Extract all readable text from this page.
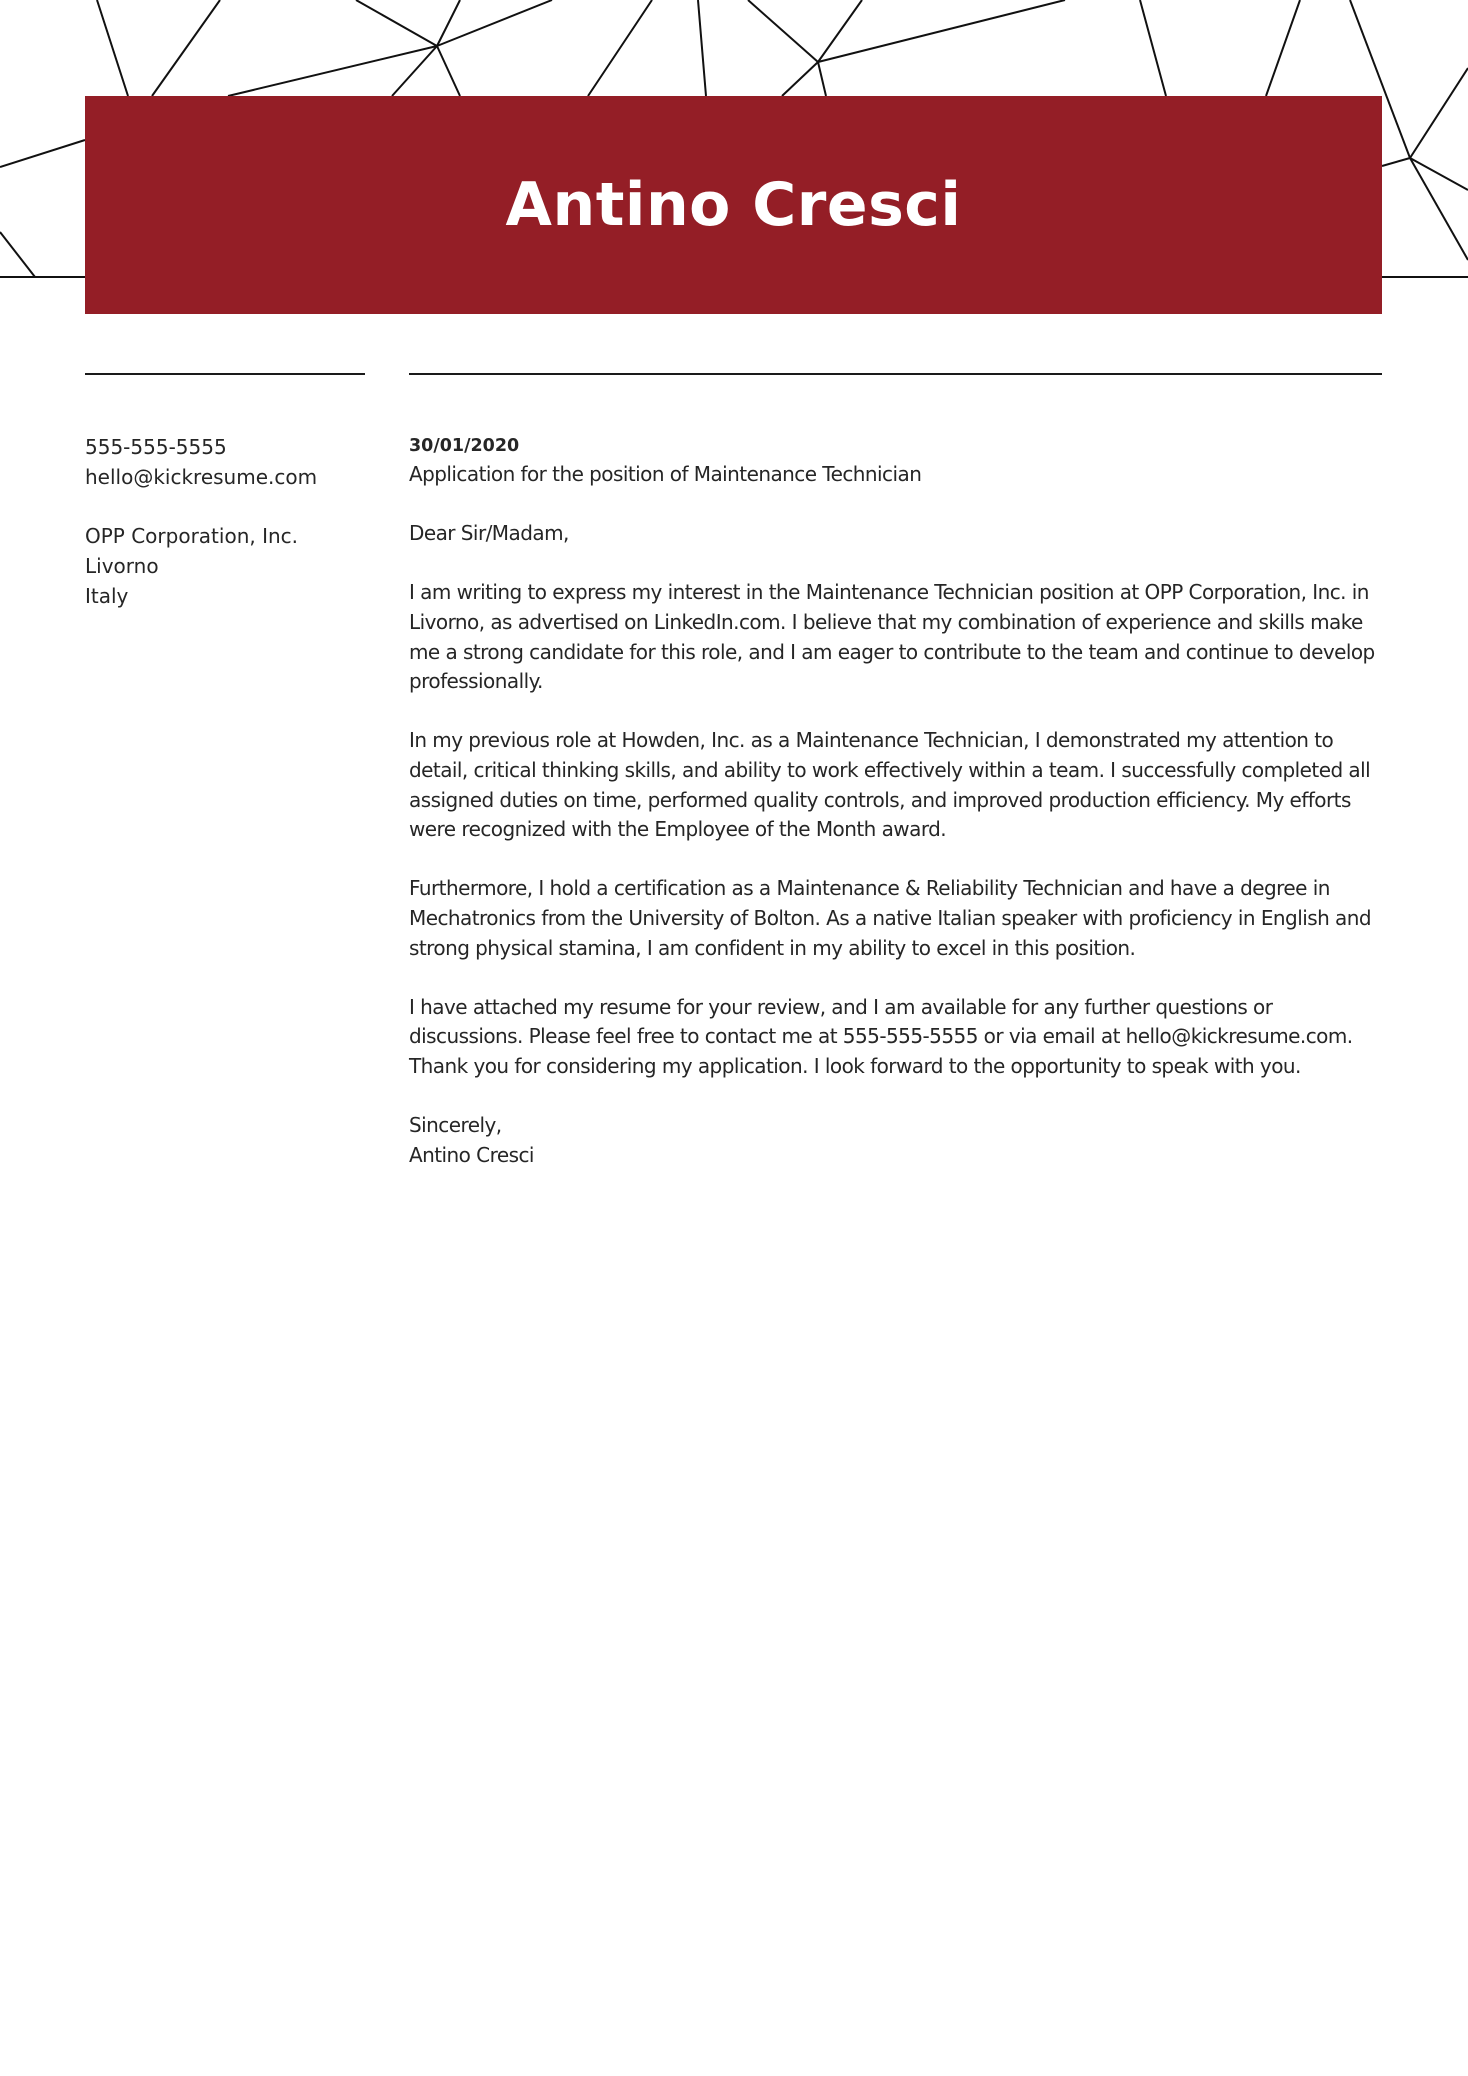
Antino Cresci
555-555-5555
hello@kickresume.com
OPP Corporation, Inc.
Livorno
Italy
30/01/2020
Application for the position of Maintenance Technician

Dear Sir/Madam,

I am writing to express my interest in the Maintenance Technician position at OPP Corporation, Inc. in Livorno, as advertised on LinkedIn.com. I believe that my combination of experience and skills make me a strong candidate for this role, and I am eager to contribute to the team and continue to develop professionally.

In my previous role at Howden, Inc. as a Maintenance Technician, I demonstrated my attention to detail, critical thinking skills, and ability to work effectively within a team. I successfully completed all assigned duties on time, performed quality controls, and improved production efficiency. My efforts were recognized with the Employee of the Month award.

Furthermore, I hold a certification as a Maintenance & Reliability Technician and have a degree in Mechatronics from the University of Bolton. As a native Italian speaker with proficiency in English and strong physical stamina, I am confident in my ability to excel in this position.

I have attached my resume for your review, and I am available for any further questions or discussions. Please feel free to contact me at 555-555-5555 or via email at hello@kickresume.com. Thank you for considering my application. I look forward to the opportunity to speak with you.

Sincerely,
Antino Cresci
